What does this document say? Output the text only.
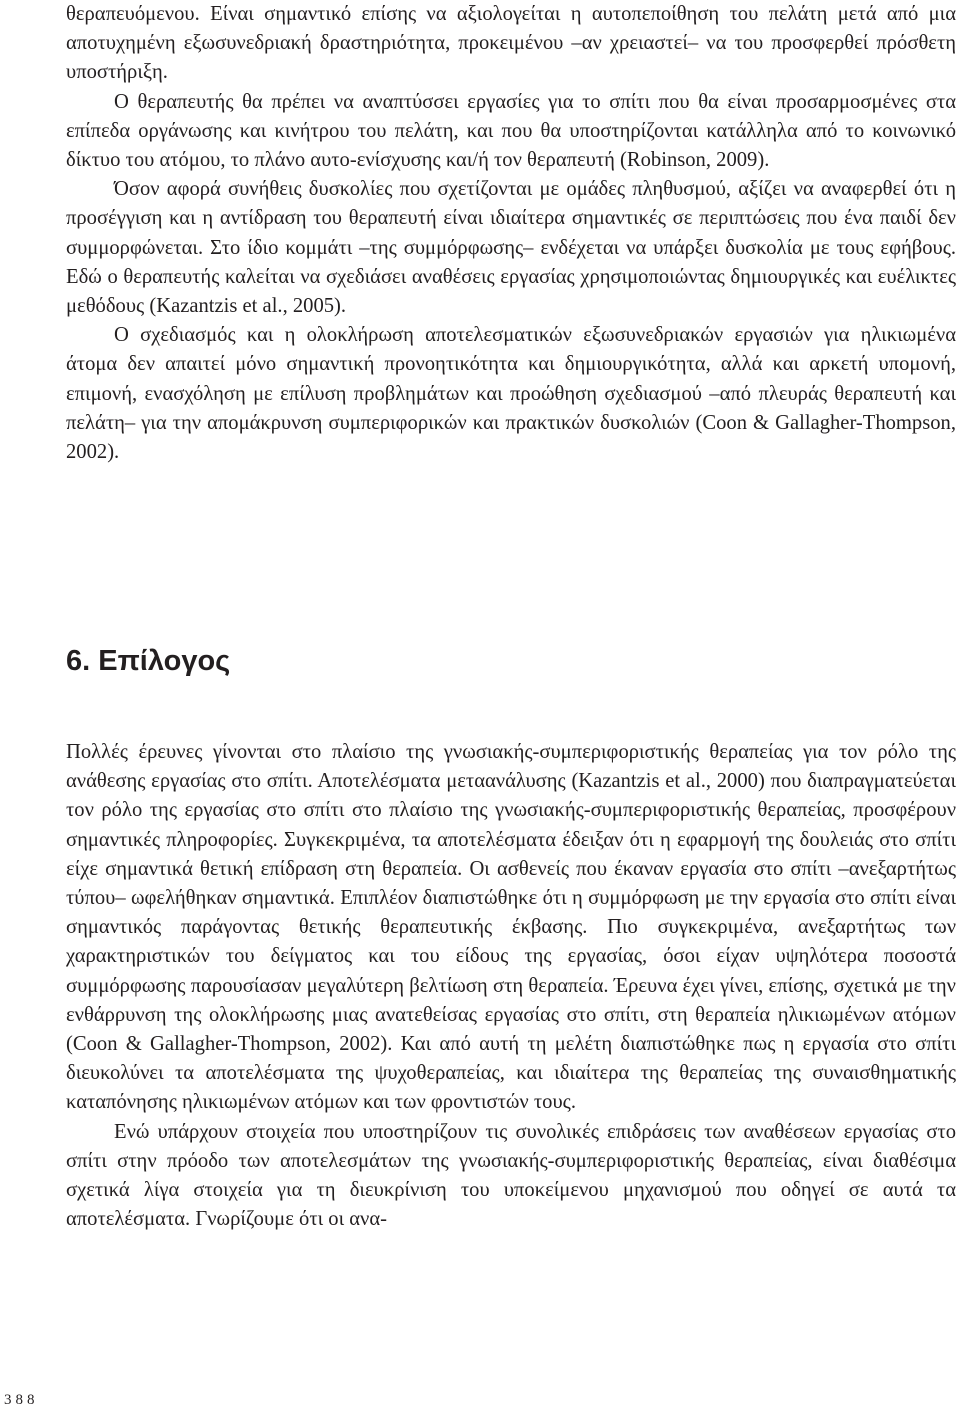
θεραπευόμενου. Είναι σημαντικό επίσης να αξιολογείται η αυτοπεποίθηση του πελάτη μετά από μια αποτυχημένη εξωσυνεδριακή δραστηριότητα, προκειμένου –αν χρειαστεί– να του προσφερθεί πρόσθετη υποστήριξη.

Ο θεραπευτής θα πρέπει να αναπτύσσει εργασίες για το σπίτι που θα είναι προσαρμοσμένες στα επίπεδα οργάνωσης και κινήτρου του πελάτη, και που θα υποστηρίζονται κατάλληλα από το κοινωνικό δίκτυο του ατόμου, το πλάνο αυτο-ενίσχυσης και/ή τον θεραπευτή (Robinson, 2009).

Όσον αφορά συνήθεις δυσκολίες που σχετίζονται με ομάδες πληθυσμού, αξίζει να αναφερθεί ότι η προσέγγιση και η αντίδραση του θεραπευτή είναι ιδιαίτερα σημαντικές σε περιπτώσεις που ένα παιδί δεν συμμορφώνεται. Στο ίδιο κομμάτι –της συμμόρφωσης– ενδέχεται να υπάρξει δυσκολία με τους εφήβους. Εδώ ο θεραπευτής καλείται να σχεδιάσει αναθέσεις εργασίας χρησιμοποιώντας δημιουργικές και ευέλικτες μεθόδους (Kazantzis et al., 2005).

Ο σχεδιασμός και η ολοκλήρωση αποτελεσματικών εξωσυνεδριακών εργασιών για ηλικιωμένα άτομα δεν απαιτεί μόνο σημαντική προνοητικότητα και δημιουργικότητα, αλλά και αρκετή υπομονή, επιμονή, ενασχόληση με επίλυση προβλημάτων και προώθηση σχεδιασμού –από πλευράς θεραπευτή και πελάτη– για την απομάκρυνση συμπεριφορικών και πρακτικών δυσκολιών (Coon & Gallagher-Thompson, 2002).

6. Επίλογος

Πολλές έρευνες γίνονται στο πλαίσιο της γνωσιακής-συμπεριφοριστικής θεραπείας για τον ρόλο της ανάθεσης εργασίας στο σπίτι. Αποτελέσματα μεταανάλυσης (Kazantzis et al., 2000) που διαπραγματεύεται τον ρόλο της εργασίας στο σπίτι στο πλαίσιο της γνωσιακής-συμπεριφοριστικής θεραπείας, προσφέρουν σημαντικές πληροφορίες. Συγκεκριμένα, τα αποτελέσματα έδειξαν ότι η εφαρμογή της δουλειάς στο σπίτι είχε σημαντικά θετική επίδραση στη θεραπεία. Οι ασθενείς που έκαναν εργασία στο σπίτι –ανεξαρτήτως τύπου– ωφελήθηκαν σημαντικά. Επιπλέον διαπιστώθηκε ότι η συμμόρφωση με την εργασία στο σπίτι είναι σημαντικός παράγοντας θετικής θεραπευτικής έκβασης. Πιο συγκεκριμένα, ανεξαρτήτως των χαρακτηριστικών του δείγματος και του είδους της εργασίας, όσοι είχαν υψηλότερα ποσοστά συμμόρφωσης παρουσίασαν μεγαλύτερη βελτίωση στη θεραπεία. Έρευνα έχει γίνει, επίσης, σχετικά με την ενθάρρυνση της ολοκλήρωσης μιας ανατεθείσας εργασίας στο σπίτι, στη θεραπεία ηλικιωμένων ατόμων (Coon & Gallagher-Thompson, 2002). Και από αυτή τη μελέτη διαπιστώθηκε πως η εργασία στο σπίτι διευκολύνει τα αποτελέσματα της ψυχοθεραπείας, και ιδιαίτερα της θεραπείας της συναισθηματικής καταπόνησης ηλικιωμένων ατόμων και των φροντιστών τους.

Ενώ υπάρχουν στοιχεία που υποστηρίζουν τις συνολικές επιδράσεις των αναθέσεων εργασίας στο σπίτι στην πρόοδο των αποτελεσμάτων της γνωσιακής-συμπεριφοριστικής θεραπείας, είναι διαθέσιμα σχετικά λίγα στοιχεία για τη διευκρίνιση του υποκείμενου μηχανισμού που οδηγεί σε αυτά τα αποτελέσματα. Γνωρίζουμε ότι οι ανα-

388
